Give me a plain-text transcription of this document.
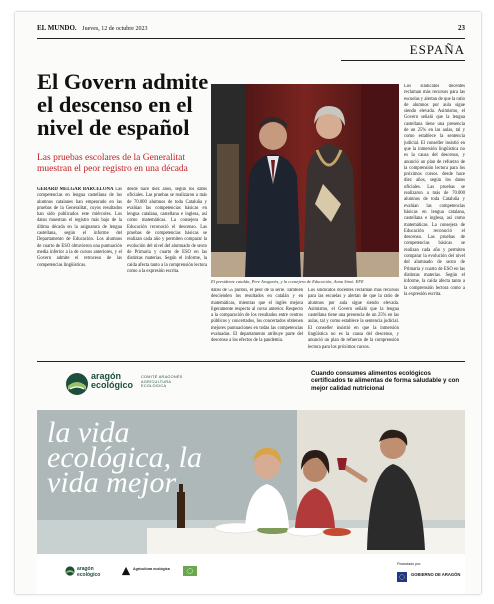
EL MUNDO. Jueves, 12 de octubre 2023	23
ESPAÑA
El Govern admite el descenso en el nivel de español

Las pruebas escolares de la Generalitat muestran el peor registro en una década

GERARD MELGAR BARCELONA Las competencias en lengua castellana de los alumnos catalanes han empeorado en las pruebas de la Generalitat, cuyos resultados han sido publicados este miércoles. Los datos muestran el registro más bajo de la última década en la asignatura de lengua castellana, según el informe del Departamento de Educación. Los alumnos de cuarto de ESO obtuvieron una puntuación media inferior a la de cursos anteriores, y el Govern admite el retroceso de las competencias lingüísticas.
desde hace diez años, según los datos oficiales. Las pruebas se realizaron a más de 70.000 alumnos de toda Cataluña y evalúan las competencias básicas en lengua catalana, castellana e inglesa, así como matemáticas. La consejera de Educación reconoció el descenso. Las pruebas de competencias básicas se realizan cada año y permiten comparar la evolución del nivel del alumnado de sexto de Primaria y cuarto de ESO en las distintas materias. Según el informe, la caída afecta tanto a la comprensión lectora como a la expresión escrita.
datos de 55 puntos, el peor de la serie. También descienden los resultados en catalán y en matemáticas, mientras que el inglés mejora ligeramente respecto al curso anterior. Respecto a la comparación de los resultados entre centros públicos y concertados, los concertados obtienen mejores puntuaciones en todas las competencias evaluadas. El departamento atribuye parte del descenso a los efectos de la pandemia.
Los sindicatos docentes reclaman más recursos para las escuelas y alertan de que la ratio de alumnos por aula sigue siendo elevada. Asimismo, el Govern señaló que la lengua castellana tiene una presencia de un 25% en las aulas, tal y como establece la sentencia judicial. El conseller insistió en que la inmersión lingüística no es la causa del descenso, y anunció un plan de refuerzo de la comprensión lectora para los próximos cursos.
Los sindicatos docentes reclaman más recursos para las escuelas y alertan de que la ratio de alumnos por aula sigue siendo elevada. Asimismo, el Govern señaló que la lengua castellana tiene una presencia de un 25% en las aulas, tal y como establece la sentencia judicial. El conseller insistió en que la inmersión lingüística no es la causa del descenso, y anunció un plan de refuerzo de la comprensión lectora para los próximos cursos. desde hace diez años, según los datos oficiales. Las pruebas se realizaron a más de 70.000 alumnos de toda Cataluña y evalúan las competencias básicas en lengua catalana, castellana e inglesa, así como matemáticas. La consejera de Educación reconoció el descenso. Las pruebas de competencias básicas se realizan cada año y permiten comparar la evolución del nivel del alumnado de sexto de Primaria y cuarto de ESO en las distintas materias. Según el informe, la caída afecta tanto a la comprensión lectora como a la expresión escrita.
El presidente catalán, Pere Aragonès, y la consejera de Educación, Anna Simó. EFE
aragón ecológico
COMITÉ ARAGONÉS AGRICULTURA ECOLÓGICA
Cuando consumes alimentos ecológicos certificados te alimentas de forma saludable y con mejor calidad nutricional

la vida ecológica, la vida mejor

aragón ecológico
Agricultura ecológica
Financiado por:
GOBIERNO DE ARAGÓN
